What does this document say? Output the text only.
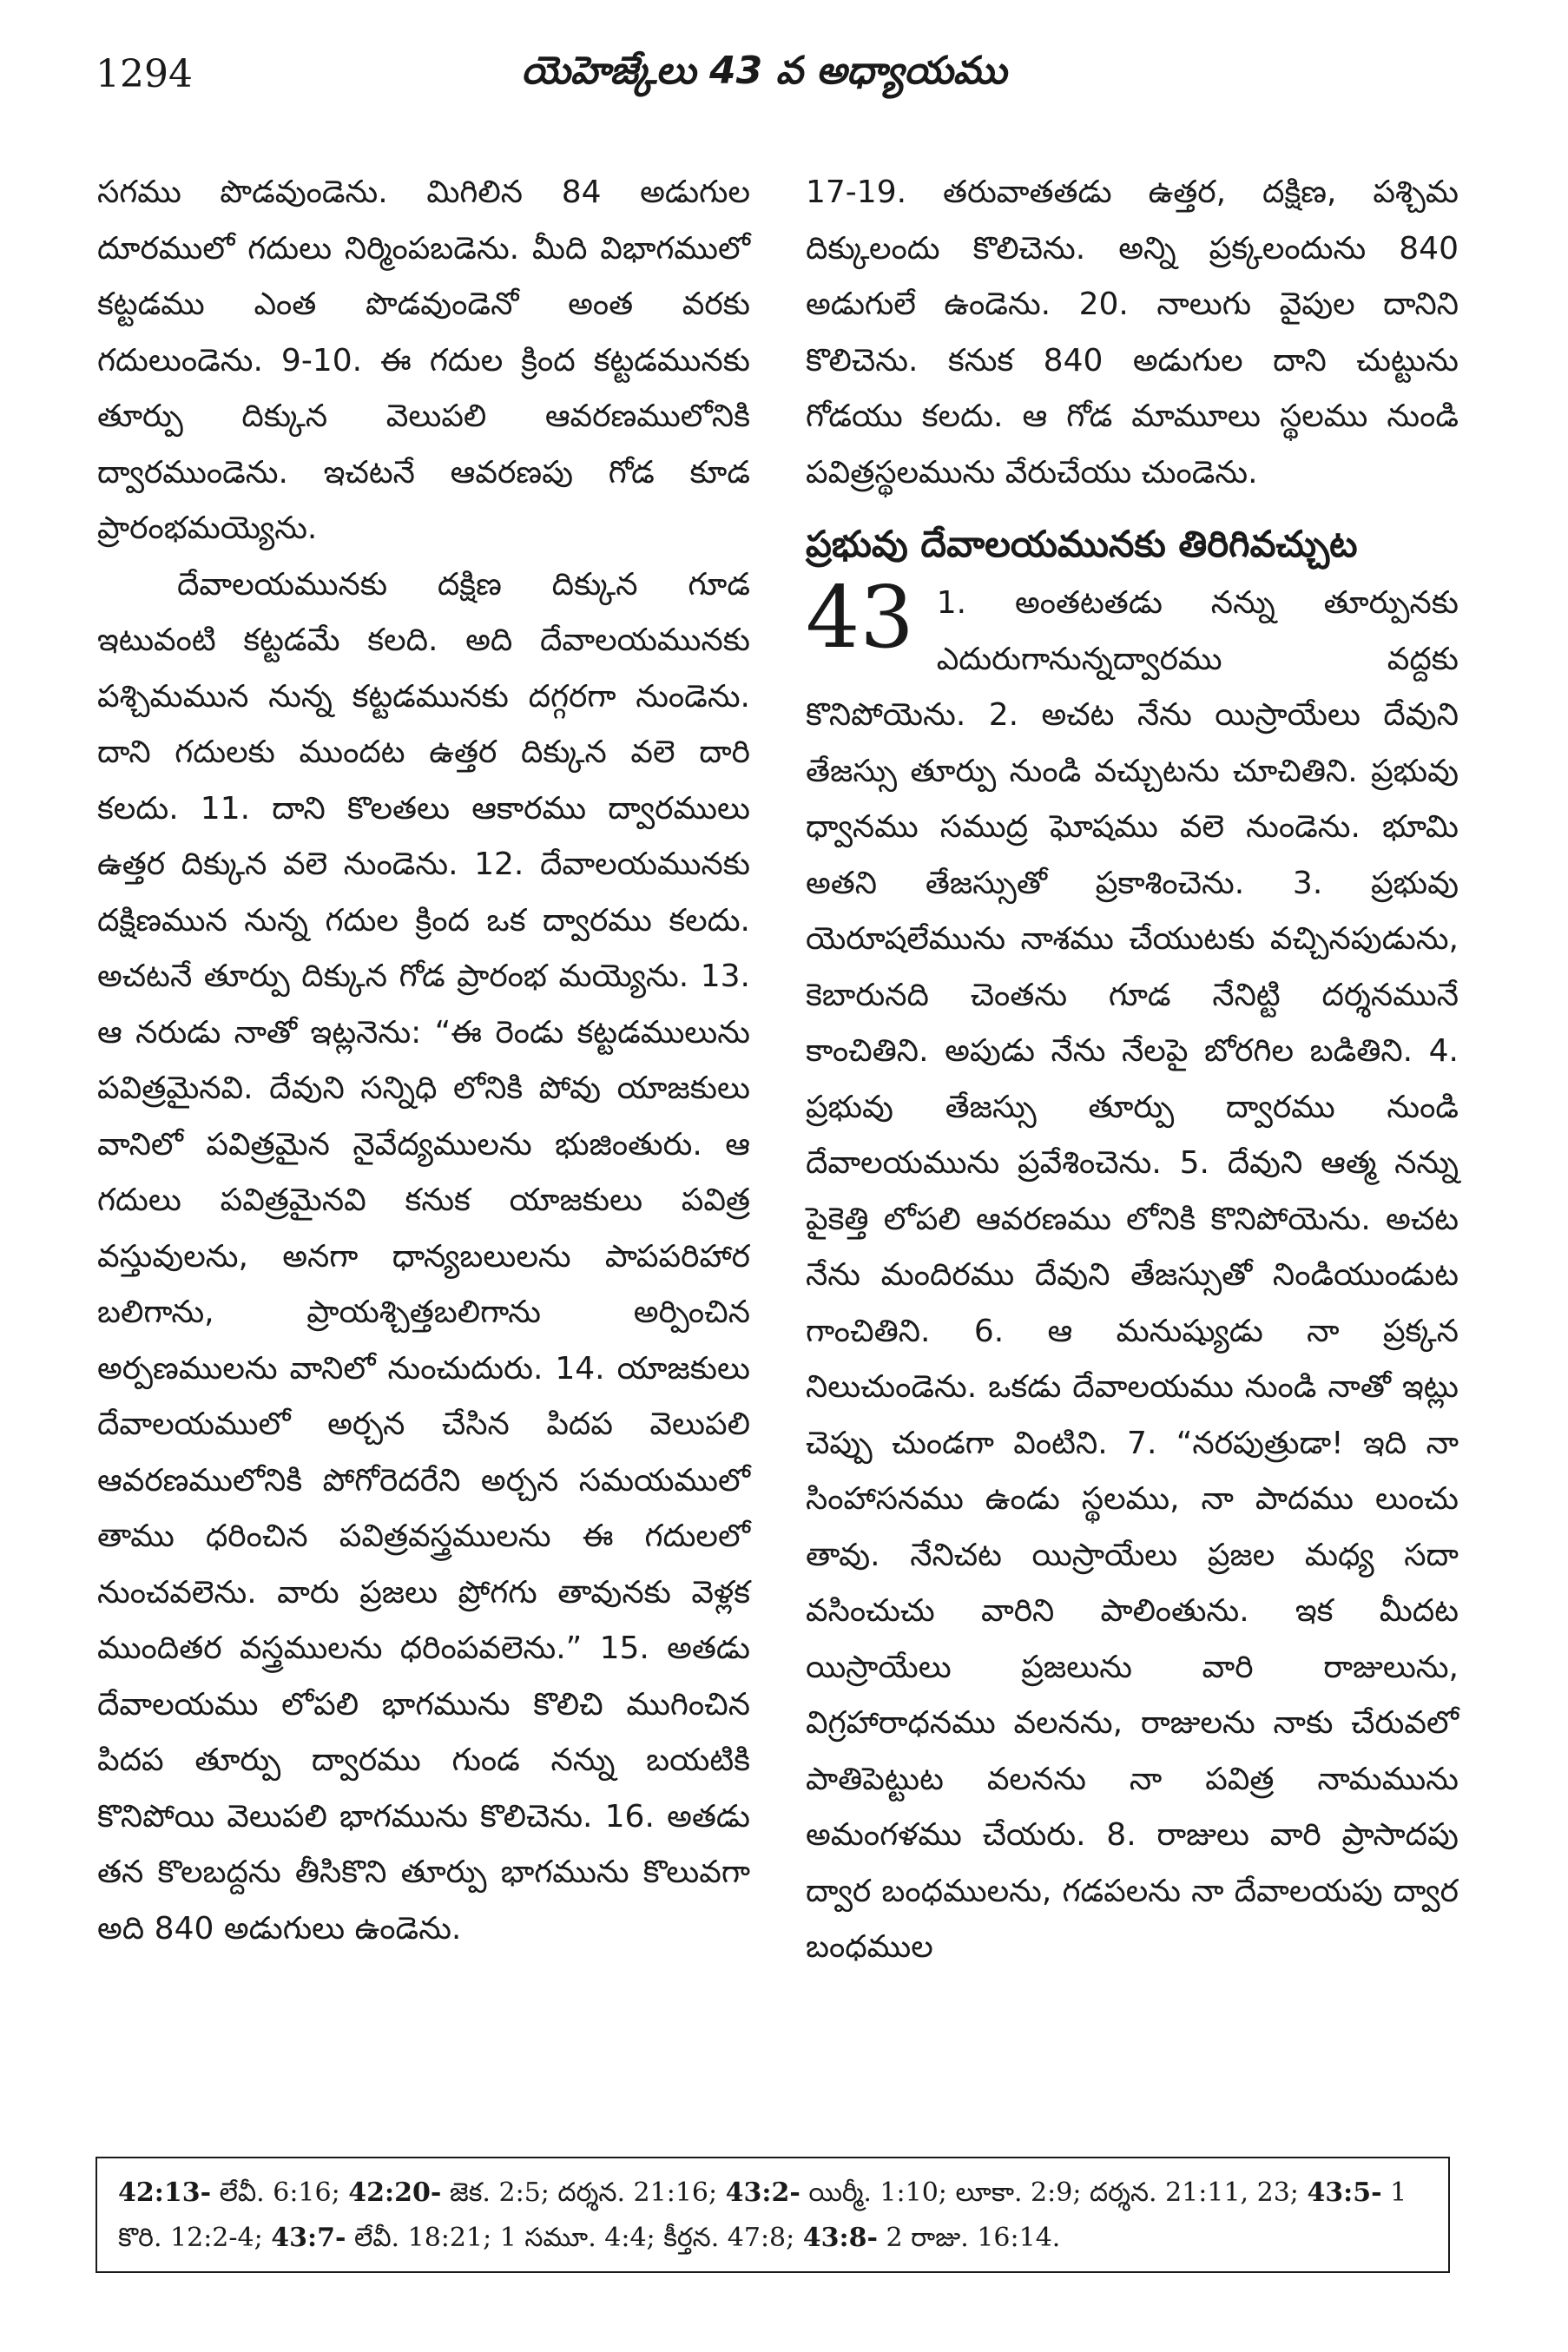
1294	యెహెజ్కేలు 43 వ అధ్యాయము

సగము పొడవుండెను. మిగిలిన 84 అడుగుల దూరములో గదులు నిర్మింపబడెను. మీది విభాగములో కట్టడము ఎంత పొడవుండెనో అంత వరకు గదులుండెను. 9-10. ఈ గదుల క్రింద కట్టడమునకు తూర్పు దిక్కున వెలుపలి ఆవరణములోనికి ద్వారముండెను. ఇచటనే ఆవరణపు గోడ కూడ ప్రారంభమయ్యెను.

దేవాలయమునకు దక్షిణ దిక్కున గూడ ఇటువంటి కట్టడమే కలది. అది దేవాలయమునకు పశ్చిమమున నున్న కట్టడమునకు దగ్గరగా నుండెను. దాని గదులకు ముందట ఉత్తర దిక్కున వలె దారి కలదు. 11. దాని కొలతలు ఆకారము ద్వారములు ఉత్తర దిక్కున వలె నుండెను. 12. దేవాలయమునకు దక్షిణమున నున్న గదుల క్రింద ఒక ద్వారము కలదు. అచటనే తూర్పు దిక్కున గోడ ప్రారంభ మయ్యెను. 13. ఆ నరుడు నాతో ఇట్లనెను: “ఈ రెండు కట్టడములును పవిత్రమైనవి. దేవుని సన్నిధి లోనికి పోవు యాజకులు వానిలో పవిత్రమైన నైవేద్యములను భుజింతురు. ఆ గదులు పవిత్రమైనవి కనుక యాజకులు పవిత్ర వస్తువులను, అనగా ధాన్యబలులను పాపపరిహార బలిగాను, ప్రాయశ్చిత్తబలిగాను అర్పించిన అర్పణములను వానిలో నుంచుదురు. 14. యాజకులు దేవాలయములో అర్చన చేసిన పిదప వెలుపలి ఆవరణములోనికి పోగోరెదరేని అర్చన సమయములో తాము ధరించిన పవిత్రవస్త్రములను ఈ గదులలో నుంచవలెను. వారు ప్రజలు ప్రోగగు తావునకు వెళ్లక ముందితర వస్త్రములను ధరింపవలెను.” 15. అతడు దేవాలయము లోపలి భాగమును కొలిచి ముగించిన పిదప తూర్పు ద్వారము గుండ నన్ను బయటికి కొనిపోయి వెలుపలి భాగమును కొలిచెను. 16. అతడు తన కొలబద్దను తీసికొని తూర్పు భాగమును కొలువగా అది 840 అడుగులు ఉండెను.

17-19. తరువాతతడు ఉత్తర, దక్షిణ, పశ్చిమ దిక్కులందు కొలిచెను. అన్ని ప్రక్కలందును 840 అడుగులే ఉండెను. 20. నాలుగు వైపుల దానిని కొలిచెను. కనుక 840 అడుగుల దాని చుట్టును గోడయు కలదు. ఆ గోడ మామూలు స్థలము నుండి పవిత్రస్థలమును వేరుచేయు చుండెను.

ప్రభువు దేవాలయమునకు తిరిగివచ్చుట

43 1. అంతటతడు నన్ను తూర్పునకు ఎదురుగానున్నద్వారము వద్దకు కొనిపోయెను. 2. అచట నేను యిస్రాయేలు దేవుని తేజస్సు తూర్పు నుండి వచ్చుటను చూచితిని. ప్రభువు ధ్వానము సముద్ర ఘోషము వలె నుండెను. భూమి అతని తేజస్సుతో ప్రకాశించెను. 3. ప్రభువు యెరూషలేమును నాశము చేయుటకు వచ్చినపుడును, కెబారునది చెంతను గూడ నేనిట్టి దర్శనమునే కాంచితిని. అపుడు నేను నేలపై బోరగిల బడితిని. 4. ప్రభువు తేజస్సు తూర్పు ద్వారము నుండి దేవాలయమును ప్రవేశించెను. 5. దేవుని ఆత్మ నన్ను పైకెత్తి లోపలి ఆవరణము లోనికి కొనిపోయెను. అచట నేను మందిరము దేవుని తేజస్సుతో నిండియుండుట గాంచితిని. 6. ఆ మనుష్యుడు నా ప్రక్కన నిలుచుండెను. ఒకడు దేవాలయము నుండి నాతో ఇట్లు చెప్పు చుండగా వింటిని. 7. “నరపుత్రుడా! ఇది నా సింహాసనము ఉండు స్థలము, నా పాదము లుంచు తావు. నేనిచట యిస్రాయేలు ప్రజల మధ్య సదా వసించుచు వారిని పాలింతును. ఇక మీదట యిస్రాయేలు ప్రజలును వారి రాజులును, విగ్రహారాధనము వలనను, రాజులను నాకు చేరువలో పాతిపెట్టుట వలనను నా పవిత్ర నామమును అమంగళము చేయరు. 8. రాజులు వారి ప్రాసాదపు ద్వార బంధములను, గడపలను నా దేవాలయపు ద్వార బంధముల

42:13- లేవీ. 6:16; 42:20- జెక. 2:5; దర్శన. 21:16; 43:2- యిర్మీ. 1:10; లూకా. 2:9; దర్శన. 21:11, 23; 43:5- 1 కొరి. 12:2-4; 43:7- లేవీ. 18:21; 1 సమూ. 4:4; కీర్తన. 47:8; 43:8- 2 రాజు. 16:14.
